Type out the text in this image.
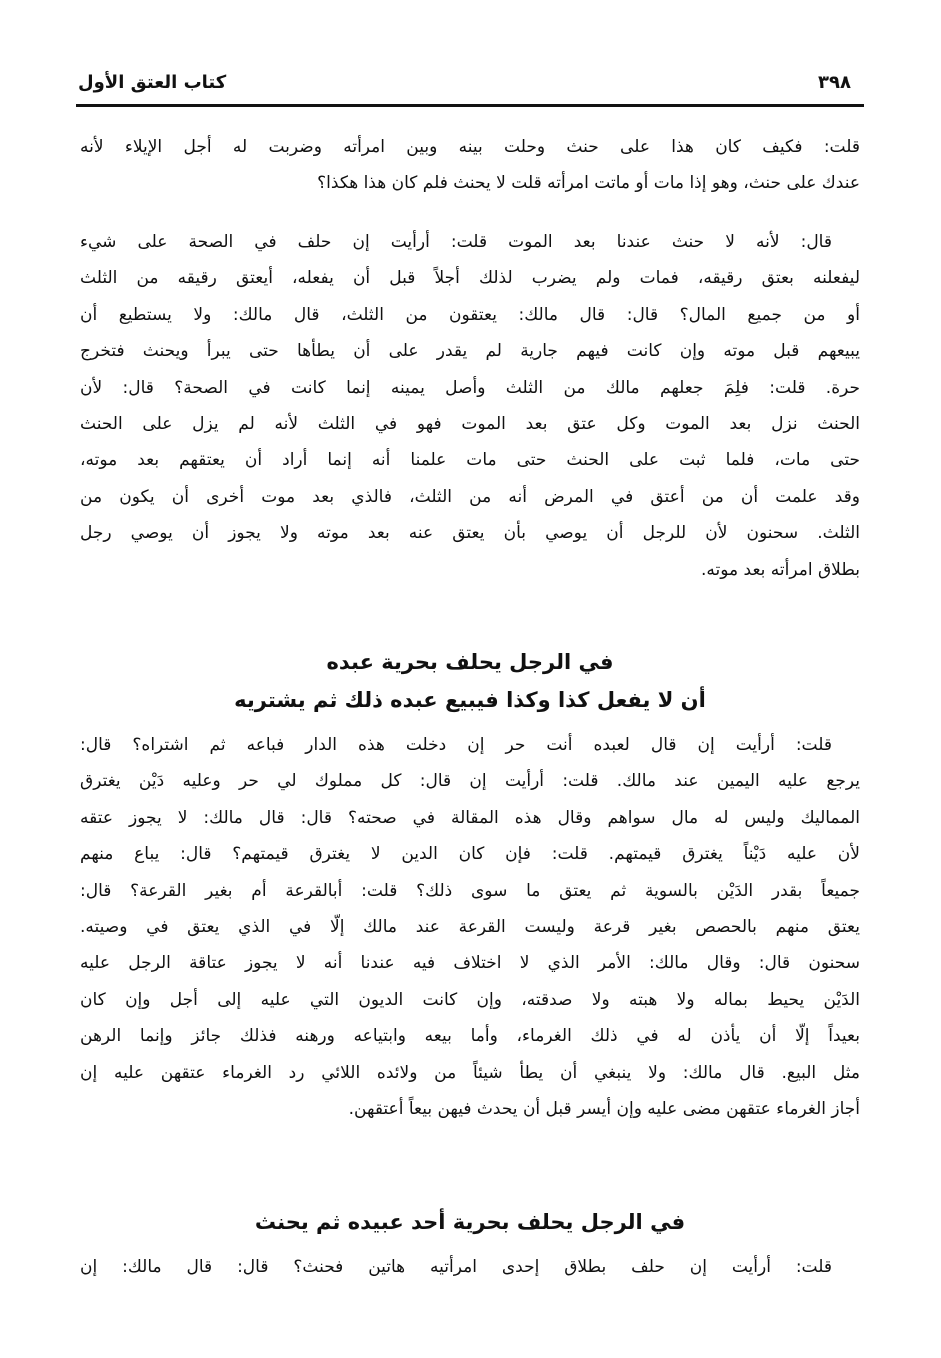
٣٩٨
كتاب العتق الأول
قلت: فكيف كان هذا على حنث وحلت بينه وبين امرأته وضربت له أجل الإيلاء لأنه
عندك على حنث، وهو إذا مات أو ماتت امرأته قلت لا يحنث فلم كان هذا هكذا؟
قال: لأنه لا حنث عندنا بعد الموت قلت: أرأيت إن حلف في الصحة على شيء
ليفعلنه بعتق رقيقه، فمات ولم يضرب لذلك أجلاً قبل أن يفعله، أيعتق رقيقه من الثلث
أو من جميع المال؟ قال: قال مالك: يعتقون من الثلث، قال مالك: ولا يستطيع أن
يبيعهم قبل موته وإن كانت فيهم جارية لم يقدر على أن يطأها حتى يبرأ ويحنث فتخرج
حرة. قلت: فلِمَ جعلهم مالك من الثلث وأصل يمينه إنما كانت في الصحة؟ قال: لأن
الحنث نزل بعد الموت وكل عتق بعد الموت فهو في الثلث لأنه لم يزل على الحنث
حتى مات، فلما ثبت على الحنث حتى مات علمنا أنه إنما أراد أن يعتقهم بعد موته،
وقد علمت أن من أعتق في المرض أنه من الثلث، فالذي بعد موت أخرى أن يكون من
الثلث. سحنون لأن للرجل أن يوصي بأن يعتق عنه بعد موته ولا يجوز أن يوصي رجل
بطلاق امرأته بعد موته.
في الرجل يحلف بحرية عبده
أن لا يفعل كذا وكذا فيبيع عبده ذلك ثم يشتريه
قلت: أرأيت إن قال لعبده أنت حر إن دخلت هذه الدار فباعه ثم اشتراه؟ قال:
يرجع عليه اليمين عند مالك. قلت: أرأيت إن قال: كل مملوك لي حر وعليه دَيْن يغترق
المماليك وليس له مال سواهم وقال هذه المقالة في صحته؟ قال: قال مالك: لا يجوز عتقه
لأن عليه دَيْناً يغترق قيمتهم. قلت: فإن كان الدين لا يغترق قيمتهم؟ قال: يباع منهم
جميعاً بقدر الدَيْن بالسوية ثم يعتق ما سوى ذلك؟ قلت: أبالقرعة أم بغير القرعة؟ قال:
يعتق منهم بالحصص بغير قرعة وليست القرعة عند مالك إلّا في الذي يعتق في وصيته.
سحنون قال: وقال مالك: الأمر الذي لا اختلاف فيه عندنا أنه لا يجوز عتاقة الرجل عليه
الدَيْن يحيط بماله ولا هبته ولا صدقته، وإن كانت الديون التي عليه إلى أجل وإن كان
بعيداً إلّا أن يأذن له في ذلك الغرماء، وأما بيعه وابتياعه ورهنه فذلك جائز وإنما الرهن
مثل البيع. قال مالك: ولا ينبغي أن يطأ شيئاً من ولائده اللائي رد الغرماء عتقهن عليه إن
أجاز الغرماء عتقهن مضى عليه وإن أيسر قبل أن يحدث فيهن بيعاً أعتقهن.
في الرجل يحلف بحرية أحد عبيده ثم يحنث
قلت: أرأيت إن حلف بطلاق إحدى امرأتيه هاتين فحنث؟ قال: قال مالك: إن
